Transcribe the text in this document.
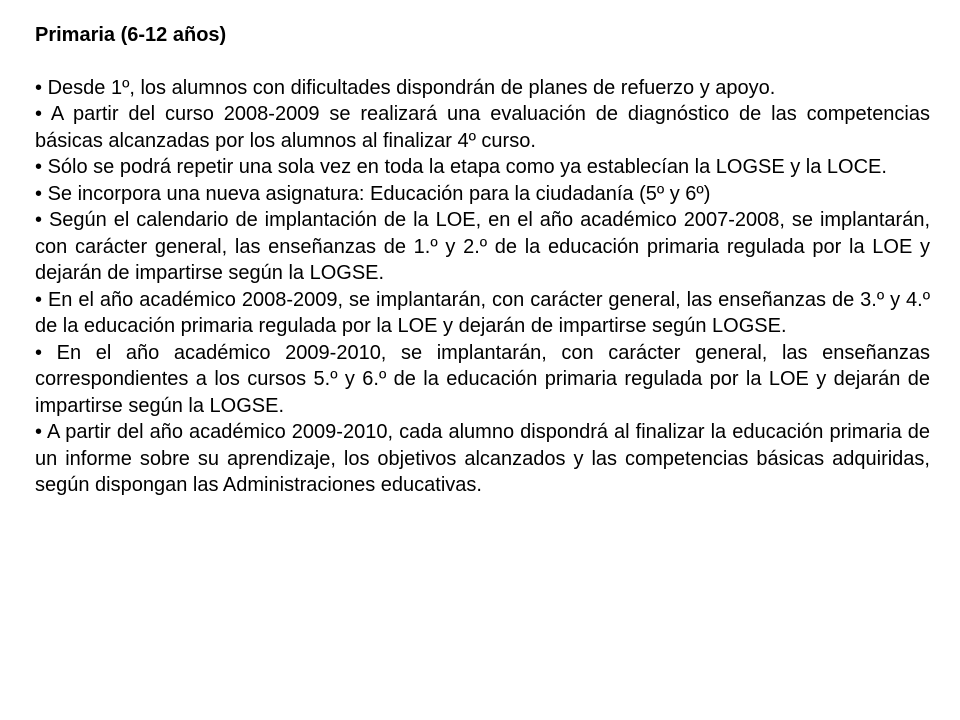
Primaria (6-12 años)
• Desde 1º, los alumnos con dificultades dispondrán de planes de refuerzo y apoyo.
• A partir del curso 2008-2009 se realizará una evaluación de diagnóstico de las competencias básicas alcanzadas por los alumnos al finalizar 4º curso.
• Sólo se podrá repetir una sola vez en toda la etapa como ya establecían la LOGSE y la LOCE.
• Se incorpora una nueva asignatura: Educación para la ciudadanía (5º y 6º)
• Según el calendario de implantación de la LOE, en el año académico 2007-2008, se implantarán, con carácter general, las enseñanzas de 1.º y 2.º de la educación primaria regulada por la LOE y dejarán de impartirse según la LOGSE.
• En el año académico 2008-2009, se implantarán, con carácter general, las enseñanzas de 3.º y 4.º de la educación primaria regulada por la LOE y dejarán de impartirse según LOGSE.
• En el año académico 2009-2010, se implantarán, con carácter general, las enseñanzas correspondientes a los cursos 5.º y 6.º de la educación primaria regulada por la LOE y dejarán de impartirse según la LOGSE.
• A partir del año académico 2009-2010, cada alumno dispondrá al finalizar la educación primaria de un informe sobre su aprendizaje, los objetivos alcanzados y las competencias básicas adquiridas, según dispongan las Administraciones educativas.
